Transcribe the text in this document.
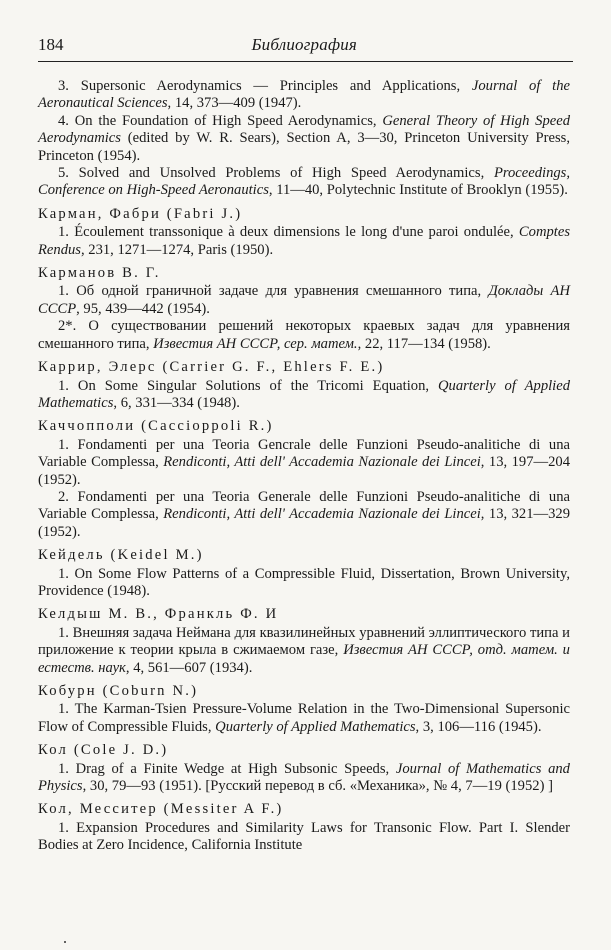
184	Библиография

3. Supersonic Aerodynamics — Principles and Applications, Journal of the Aeronautical Sciences, 14, 373—409 (1947).

4. On the Foundation of High Speed Aerodynamics, General Theory of High Speed Aerodynamics (edited by W. R. Sears), Section A, 3—30, Princeton University Press, Princeton (1954).

5. Solved and Unsolved Problems of High Speed Aerodynamics, Proceedings, Conference on High-Speed Aeronautics, 11—40, Polytechnic Institute of Brooklyn (1955).

Карман, Фабри (Fabri J.)

1. Écoulement transsonique à deux dimensions le long d'une paroi ondulée, Comptes Rendus, 231, 1271—1274, Paris (1950).

Карманов В. Г.

1. Об одной граничной задаче для уравнения смешанного типа, Доклады АН СССР, 95, 439—442 (1954).

2*. О существовании решений некоторых краевых задач для уравнения смешанного типа, Известия АН СССР, сер. матем., 22, 117—134 (1958).

Каррир, Элерс (Carrier G. F., Ehlers F. E.)

1. On Some Singular Solutions of the Tricomi Equation, Quarterly of Applied Mathematics, 6, 331—334 (1948).

Каччопполи (Caccioppoli R.)

1. Fondamenti per una Teoria Gencrale delle Funzioni Pseudo-analitiche di una Variable Complessa, Rendiconti, Atti dell' Accademia Nazionale dei Lincei, 13, 197—204 (1952).

2. Fondamenti per una Teoria Generale delle Funzioni Pseudo-analitiche di una Variable Complessa, Rendiconti, Atti dell' Accademia Nazionale dei Lincei, 13, 321—329 (1952).

Кейдель (Keidel M.)

1. On Some Flow Patterns of a Compressible Fluid, Dissertation, Brown University, Providence (1948).

Келдыш М. В., Франкль Ф. И

1. Внешняя задача Неймана для квазилинейных уравнений эллиптического типа и приложение к теории крыла в сжимаемом газе, Известия АН СССР, отд. матем. и естеств. наук, 4, 561—607 (1934).

Кобурн (Coburn N.)

1. The Karman-Tsien Pressure-Volume Relation in the Two-Dimensional Supersonic Flow of Compressible Fluids, Quarterly of Applied Mathematics, 3, 106—116 (1945).

Кол (Cole J. D.)

1. Drag of a Finite Wedge at High Subsonic Speeds, Journal of Mathematics and Physics, 30, 79—93 (1951). [Русский перевод в сб. «Механика», № 4, 7—19 (1952) ]

Кол, Месситер (Messiter A F.)

1. Expansion Procedures and Similarity Laws for Transonic Flow. Part I. Slender Bodies at Zero Incidence, California Institute
